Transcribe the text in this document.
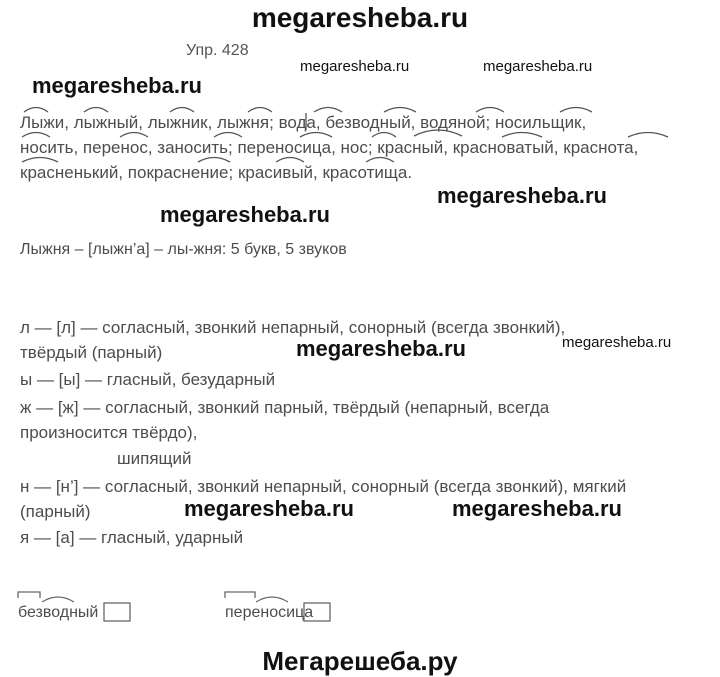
megaresheba.ru
megaresheba.ru
megaresheba.ru	megaresheba.ru
megaresheba.ru
megaresheba.ru
megaresheba.ru	megaresheba.ru
megaresheba.ru	megaresheba.ru
Упр. 428
Лыжи, лыжный, лыжник, лыжня; вода, безводный, водяной; носильщик,
носить, перенос, заносить; переносица, нос; красный, красноватый, краснота,
красненький, покраснение; красивый, красотища.
Лыжня – [лыжн’а] – лы-жня: 5 букв, 5 звуков
л — [л] — согласный, звонкий непарный, сонорный (всегда звонкий),
твёрдый (парный)
ы — [ы] — гласный, безударный
ж — [ж] — согласный, звонкий парный, твёрдый (непарный, всегда
произносится твёрдо),
шипящий
н — [н’] — согласный, звонкий непарный, сонорный (всегда звонкий), мягкий
(парный)
я — [а] — гласный, ударный
безводный	переносица
Мегарешеба.ру
